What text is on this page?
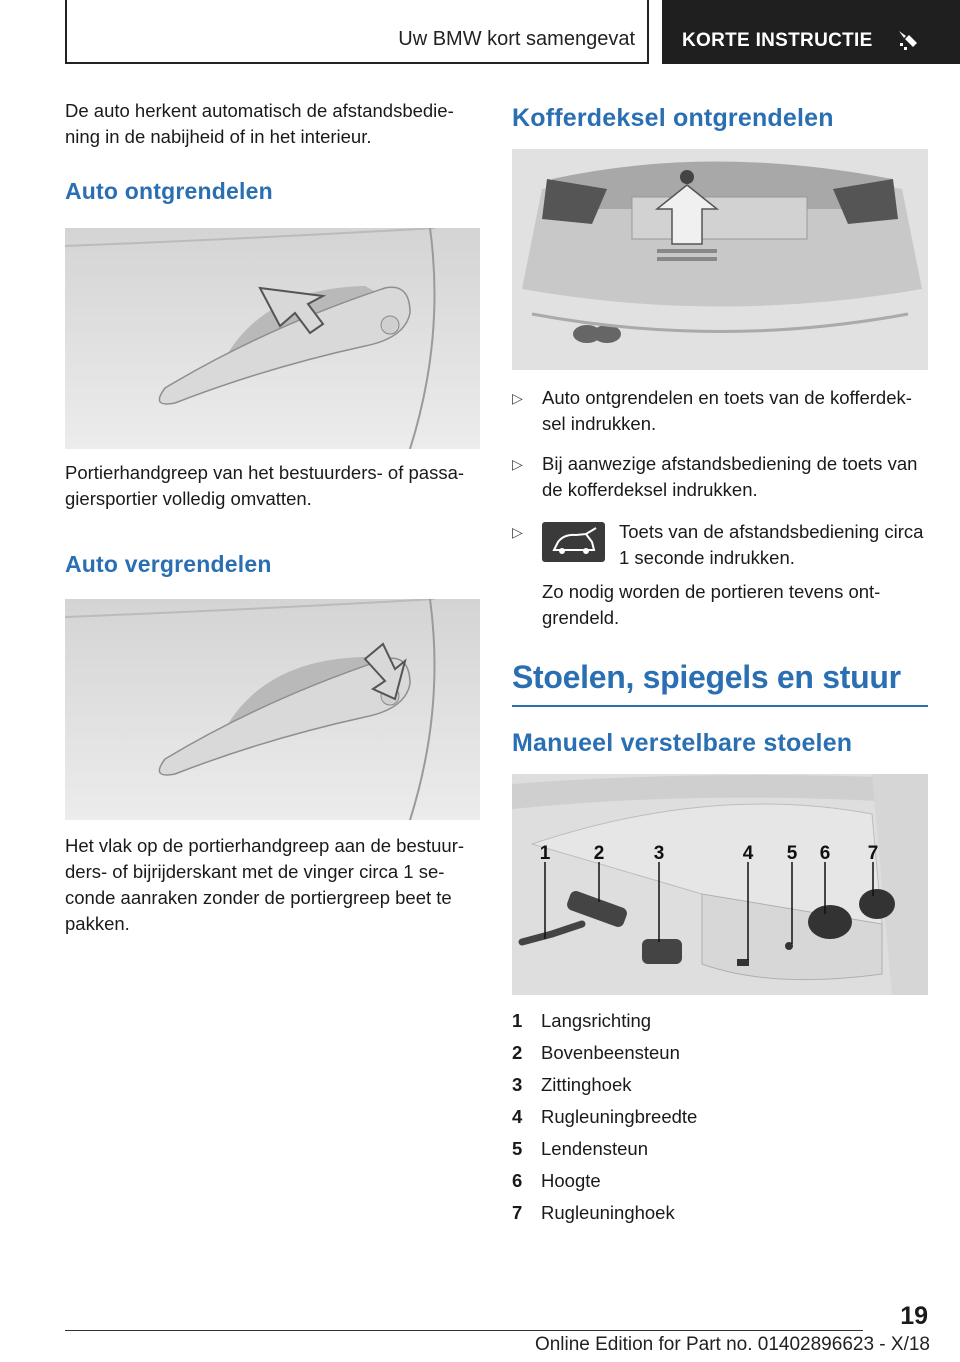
Uw BMW kort samengevat KORTE INSTRUCTIE

De auto herkent automatisch de afstandsbedie-ning in de nabijheid of in het interieur.

Auto ontgrendelen

Portierhandgreep van het bestuurders- of passa-giersportier volledig omvatten.

Auto vergrendelen

Het vlak op de portierhandgreep aan de bestuur-ders- of bijrijderskant met de vinger circa 1 se-conde aanraken zonder de portiergreep beet te pakken.

Kofferdeksel ontgrendelen
▷ Auto ontgrendelen en toets van de kofferdek-sel indrukken.
▷ Bij aanwezige afstandsbediening de toets van de kofferdeksel indrukken.
▷	Toets van de afstandsbediening circa 1 seconde indrukken.

Zo nodig worden de portieren tevens ont-grendeld.

Stoelen, spiegels en stuur
Manueel verstelbare stoelen
1 2	3	4 5 6 7
1 Langsrichting
2 Bovenbeensteun
3 Zittinghoek
4 Rugleuningbreedte
5 Lendensteun
6 Hoogte
7 Rugleuninghoek
19
Online Edition for Part no. 01402896623 - X/18
